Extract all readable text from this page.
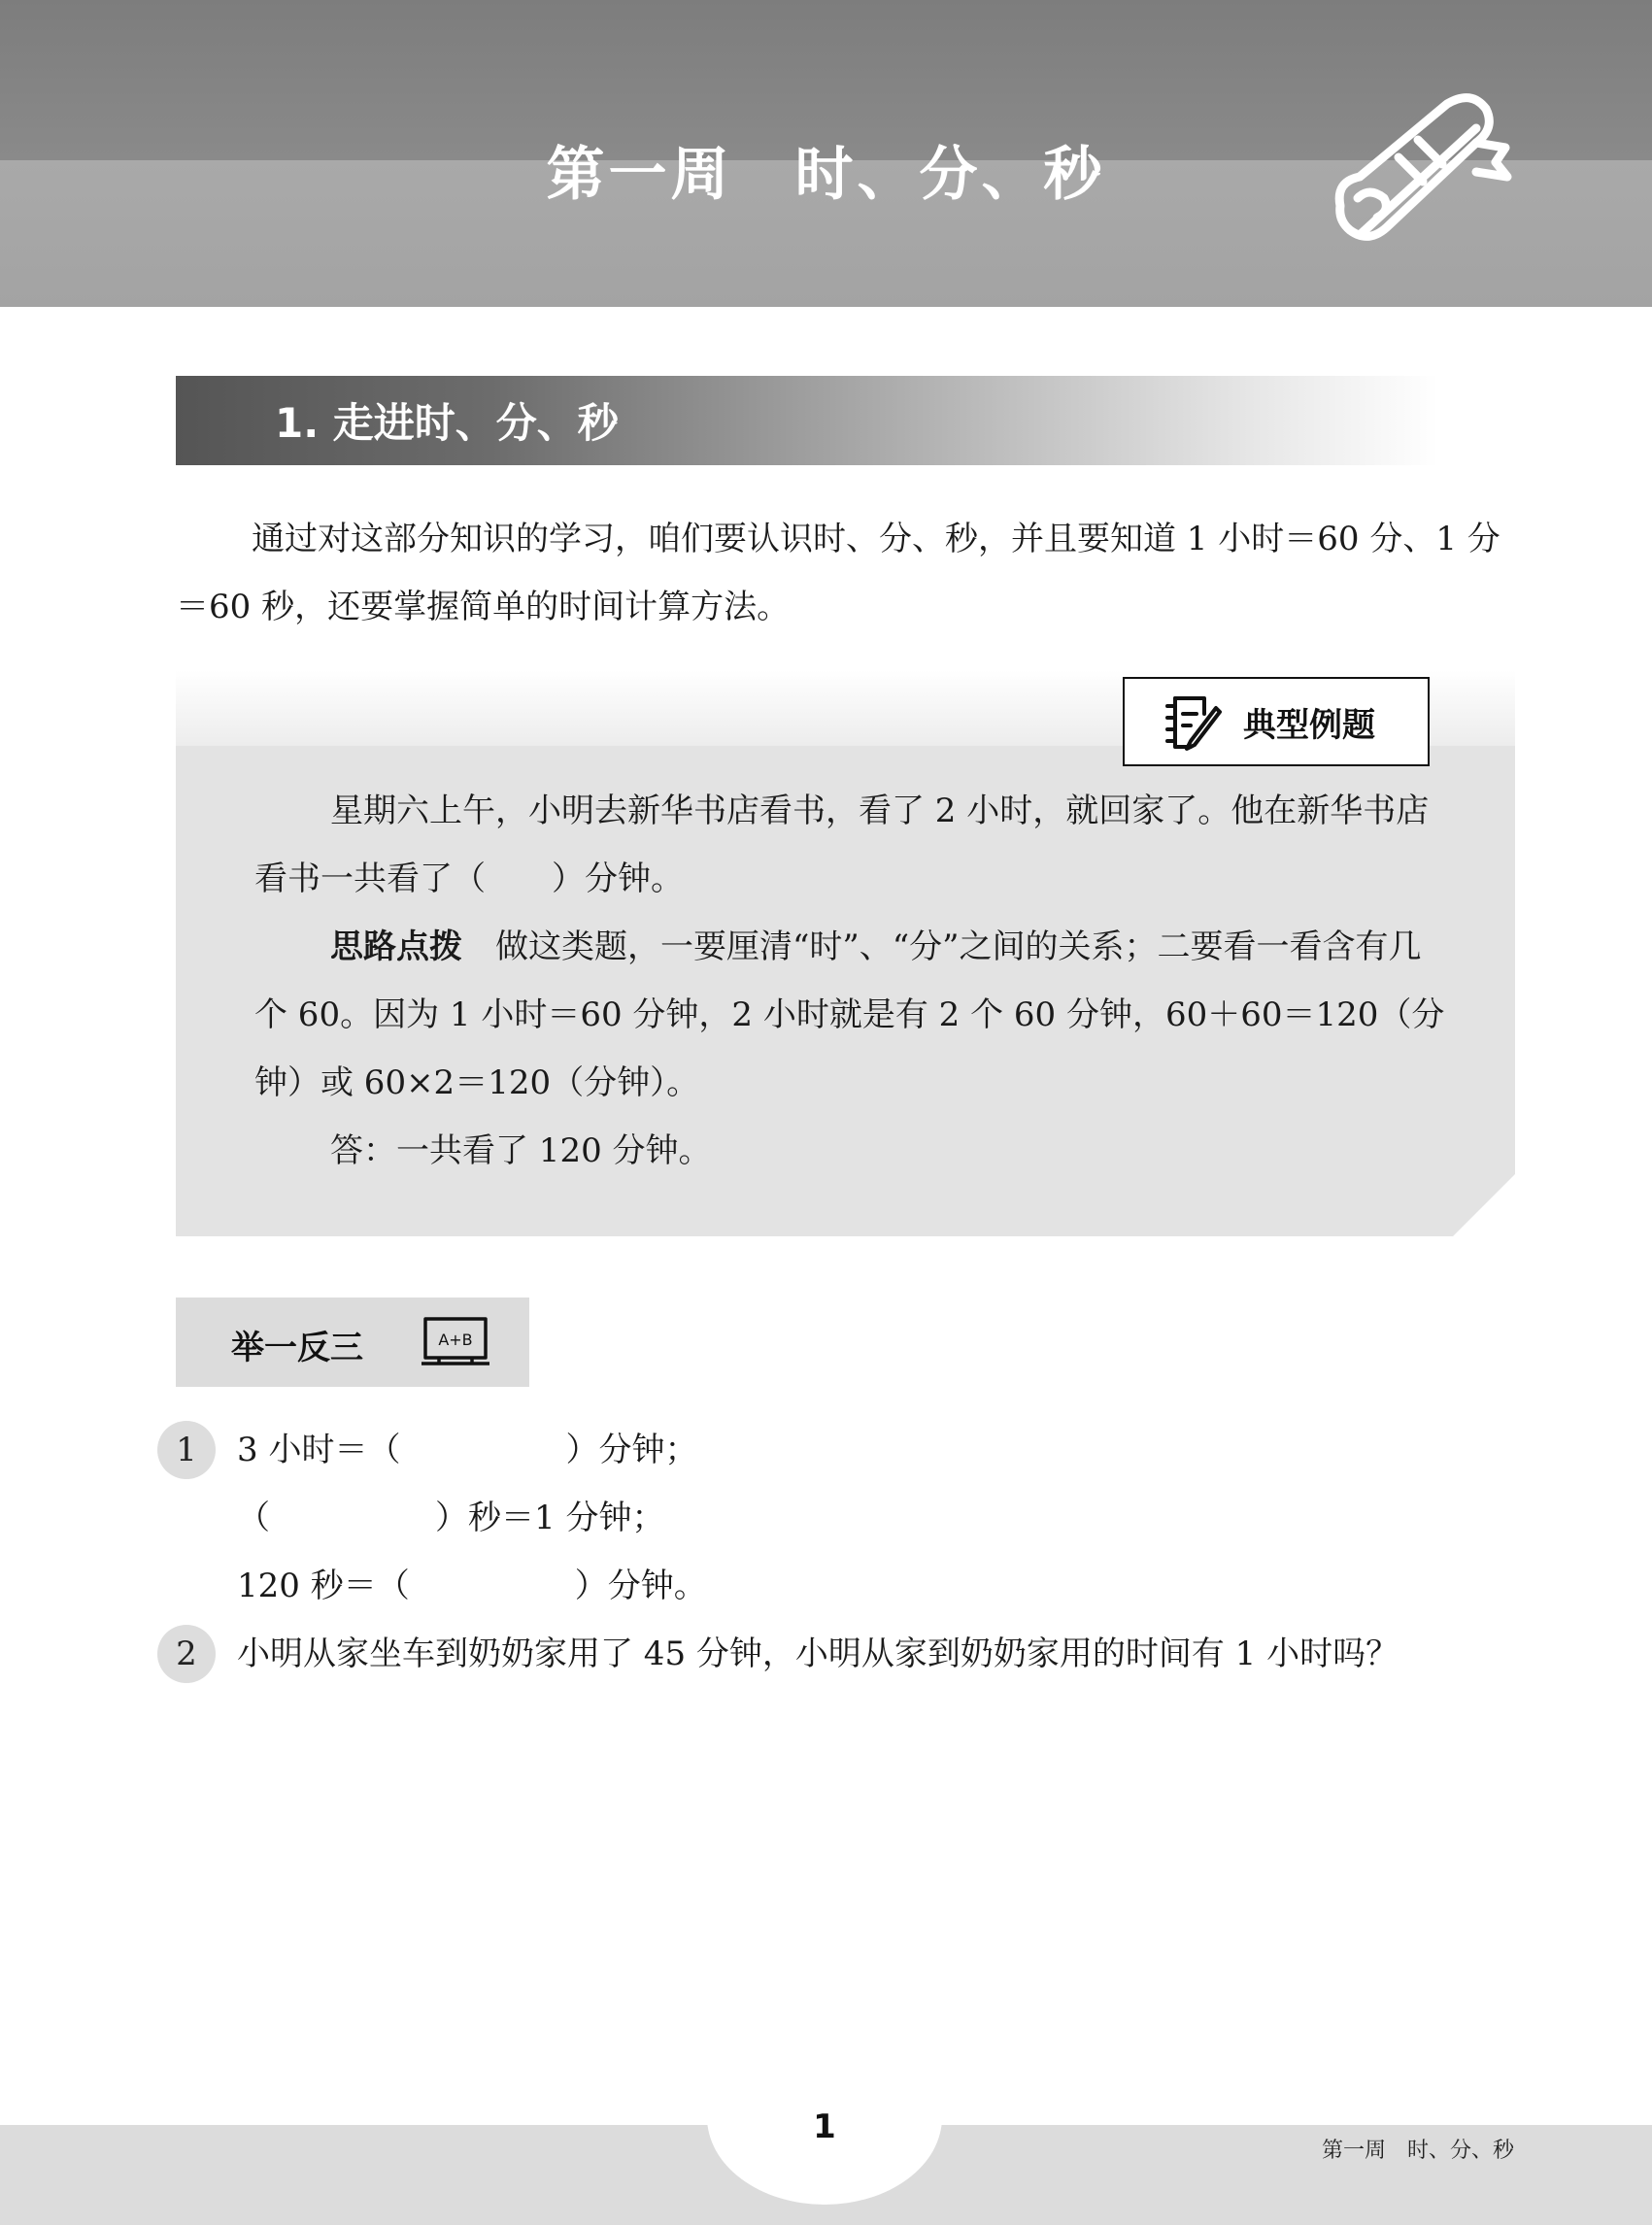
第一周　时、分、秒
1. 走进时、分、秒

通过对这部分知识的学习，咱们要认识时、分、秒，并且要知道 1 小时＝60 分、1 分＝60 秒，还要掌握简单的时间计算方法。

典型例题

星期六上午，小明去新华书店看书，看了 2 小时，就回家了。他在新华书店看书一共看了（　　）分钟。

思路点拨　做这类题，一要厘清“时”、“分”之间的关系；二要看一看含有几个 60。因为 1 小时＝60 分钟，2 小时就是有 2 个 60 分钟，60＋60＝120（分钟）或 60×2＝120（分钟）。

答：一共看了 120 分钟。

举一反三	A+B
1	3 小时＝（　　　　　）分钟；
（　　　　　）秒＝1 分钟；
120 秒＝（　　　　　）分钟。
2	小明从家坐车到奶奶家用了 45 分钟，小明从家到奶奶家用的时间有 1 小时吗？
1
第一周　时、分、秒
